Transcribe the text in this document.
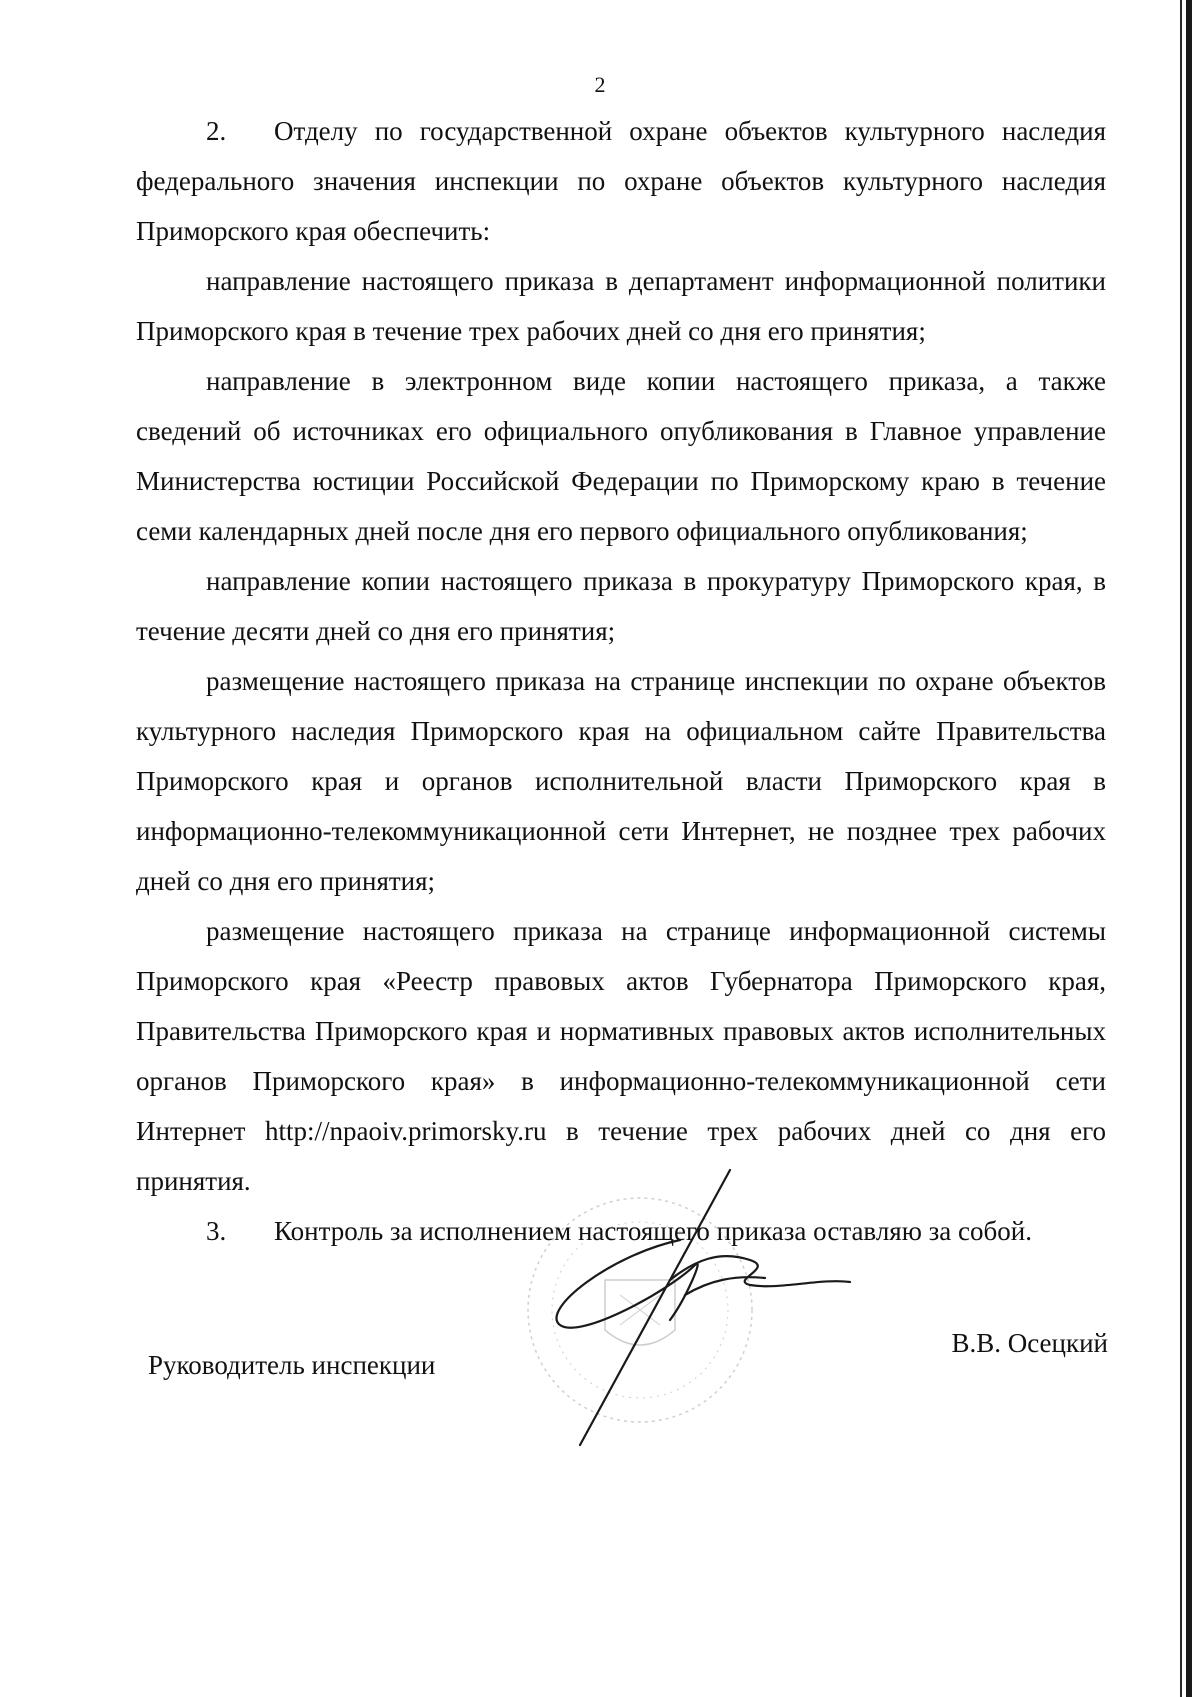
2

2. Отделу по государственной охране объектов культурного наследия федерального значения инспекции по охране объектов культурного наследия Приморского края обеспечить:

направление настоящего приказа в департамент информационной политики Приморского края в течение трех рабочих дней со дня его принятия;

направление в электронном виде копии настоящего приказа, а также сведений об источниках его официального опубликования в Главное управление Министерства юстиции Российской Федерации по Приморскому краю в течение семи календарных дней после дня его первого официального опубликования;

направление копии настоящего приказа в прокуратуру Приморского края, в течение десяти дней со дня его принятия;

размещение настоящего приказа на странице инспекции по охране объектов культурного наследия Приморского края на официальном сайте Правительства Приморского края и органов исполнительной власти Приморского края в информационно-телекоммуникационной сети Интернет, не позднее трех рабочих дней со дня его принятия;

размещение настоящего приказа на странице информационной системы Приморского края «Реестр правовых актов Губернатора Приморского края, Правительства Приморского края и нормативных правовых актов исполнительных органов Приморского края» в информационно-телекоммуникационной сети Интернет http://npaoiv.primorsky.ru в течение трех рабочих дней со дня его принятия.

3. Контроль за исполнением настоящего приказа оставляю за собой.

Руководитель инспекции
В.В. Осецкий
